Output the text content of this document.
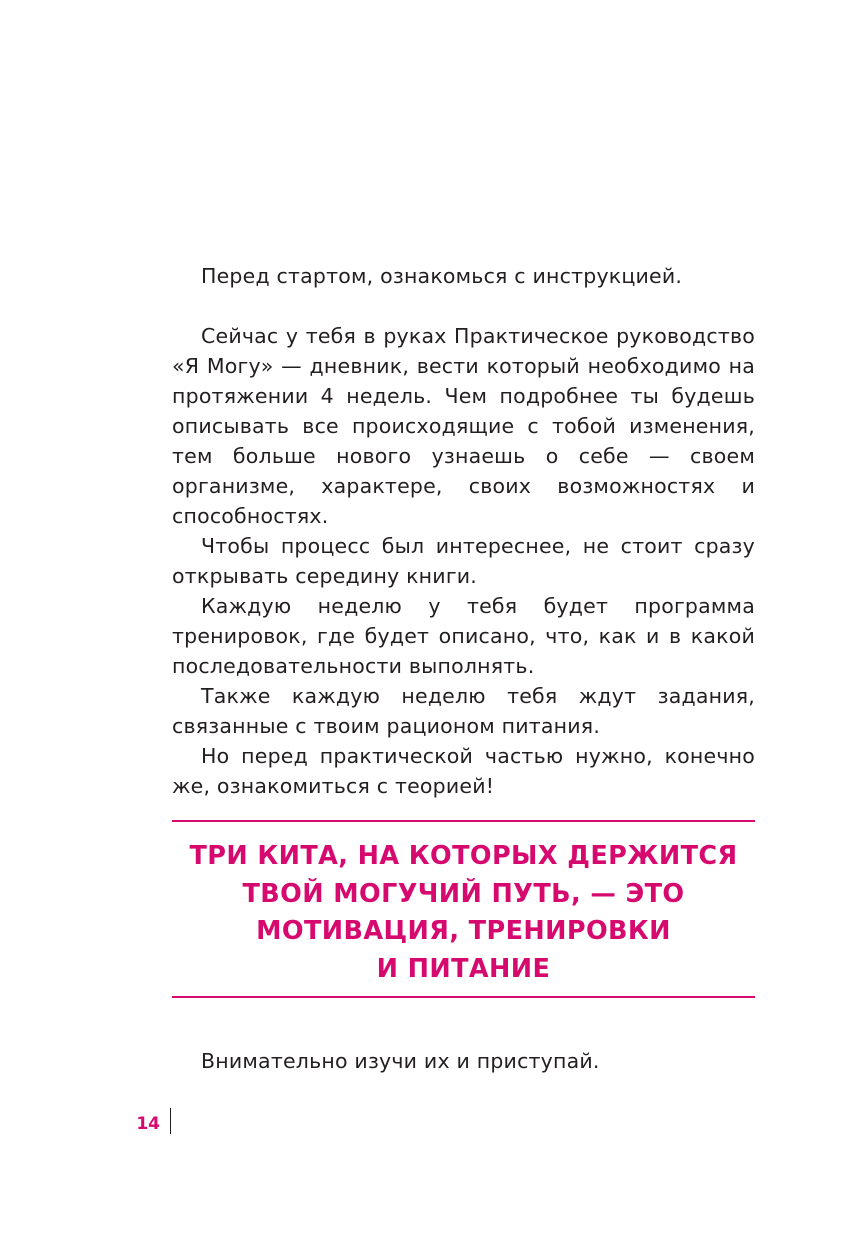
Перед стартом, ознакомься с инструкцией.

Сейчас у тебя в руках Практическое руководство «Я Могу» — дневник, вести который необходимо на протяжении 4 недель. Чем подробнее ты будешь описывать все происходящие с тобой изменения, тем больше нового узнаешь о себе — своем организме, характере, своих возможностях и способностях.

Чтобы процесс был интереснее, не стоит сразу открывать середину книги.

Каждую неделю у тебя будет программа тренировок, где будет описано, что, как и в какой последовательности выполнять.

Также каждую неделю тебя ждут задания, связанные с твоим рационом питания.

Но перед практической частью нужно, конечно же, ознакомиться с теорией!

ТРИ КИТА, НА КОТОРЫХ ДЕРЖИТСЯ
ТВОЙ МОГУЧИЙ ПУТЬ, — ЭТО
МОТИВАЦИЯ, ТРЕНИРОВКИ
И ПИТАНИЕ

Внимательно изучи их и приступай.

14
